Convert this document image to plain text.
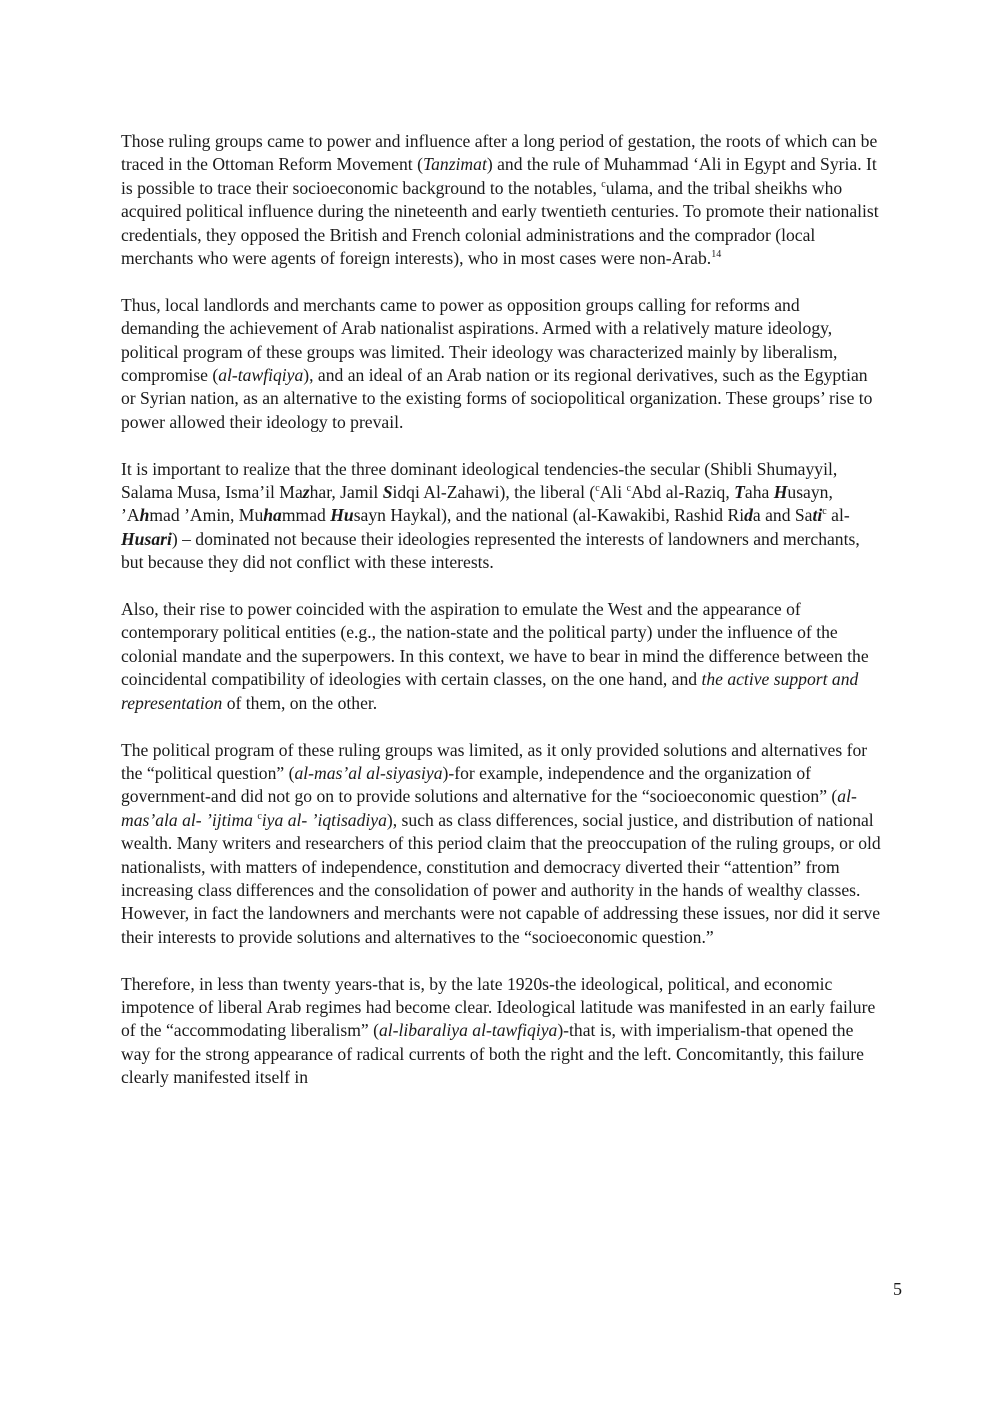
Those ruling groups came to power and influence after a long period of gestation, the roots of which can be traced in the Ottoman Reform Movement (Tanzimat) and the rule of Muhammad ‘Ali in Egypt and Syria. It is possible to trace their socioeconomic background to the notables, $^c$ulama, and the tribal sheikhs who acquired political influence during the nineteenth and early twentieth centuries. To promote their nationalist credentials, they opposed the British and French colonial administrations and the comprador (local merchants who were agents of foreign interests), who in most cases were non-Arab.$^{14}$

Thus, local landlords and merchants came to power as opposition groups calling for reforms and demanding the achievement of Arab nationalist aspirations. Armed with a relatively mature ideology, political program of these groups was limited. Their ideology was characterized mainly by liberalism, compromise (al-tawfiqiya), and an ideal of an Arab nation or its regional derivatives, such as the Egyptian or Syrian nation, as an alternative to the existing forms of sociopolitical organization. These groups’ rise to power allowed their ideology to prevail.

It is important to realize that the three dominant ideological tendencies-the secular (Shibli Shumayyil, Salama Musa, Isma’il Mazhar, Jamil Sidqi Al-Zahawi), the liberal ($^c$Ali $^c$Abd al-Raziq, Taha Husayn, ’Ahmad ’Amin, Muhammad Husayn Haykal), and the national (al-Kawakibi, Rashid Rida and Sati$^c$ al-Husari) – dominated not because their ideologies represented the interests of landowners and merchants, but because they did not conflict with these interests.

Also, their rise to power coincided with the aspiration to emulate the West and the appearance of contemporary political entities (e.g., the nation-state and the political party) under the influence of the colonial mandate and the superpowers. In this context, we have to bear in mind the difference between the coincidental compatibility of ideologies with certain classes, on the one hand, and the active support and representation of them, on the other.

The political program of these ruling groups was limited, as it only provided solutions and alternatives for the “political question” (al-mas’al al-siyasiya)-for example, independence and the organization of government-and did not go on to provide solutions and alternative for the “socioeconomic question” (al-mas’ala al- ’ijtima $^c$iya al- ’iqtisadiya), such as class differences, social justice, and distribution of national wealth. Many writers and researchers of this period claim that the preoccupation of the ruling groups, or old nationalists, with matters of independence, constitution and democracy diverted their “attention” from increasing class differences and the consolidation of power and authority in the hands of wealthy classes. However, in fact the landowners and merchants were not capable of addressing these issues, nor did it serve their interests to provide solutions and alternatives to the “socioeconomic question.”

Therefore, in less than twenty years-that is, by the late 1920s-the ideological, political, and economic impotence of liberal Arab regimes had become clear. Ideological latitude was manifested in an early failure of the “accommodating liberalism” (al-libaraliya al-tawfiqiya)-that is, with imperialism-that opened the way for the strong appearance of radical currents of both the right and the left. Concomitantly, this failure clearly manifested itself in

5
